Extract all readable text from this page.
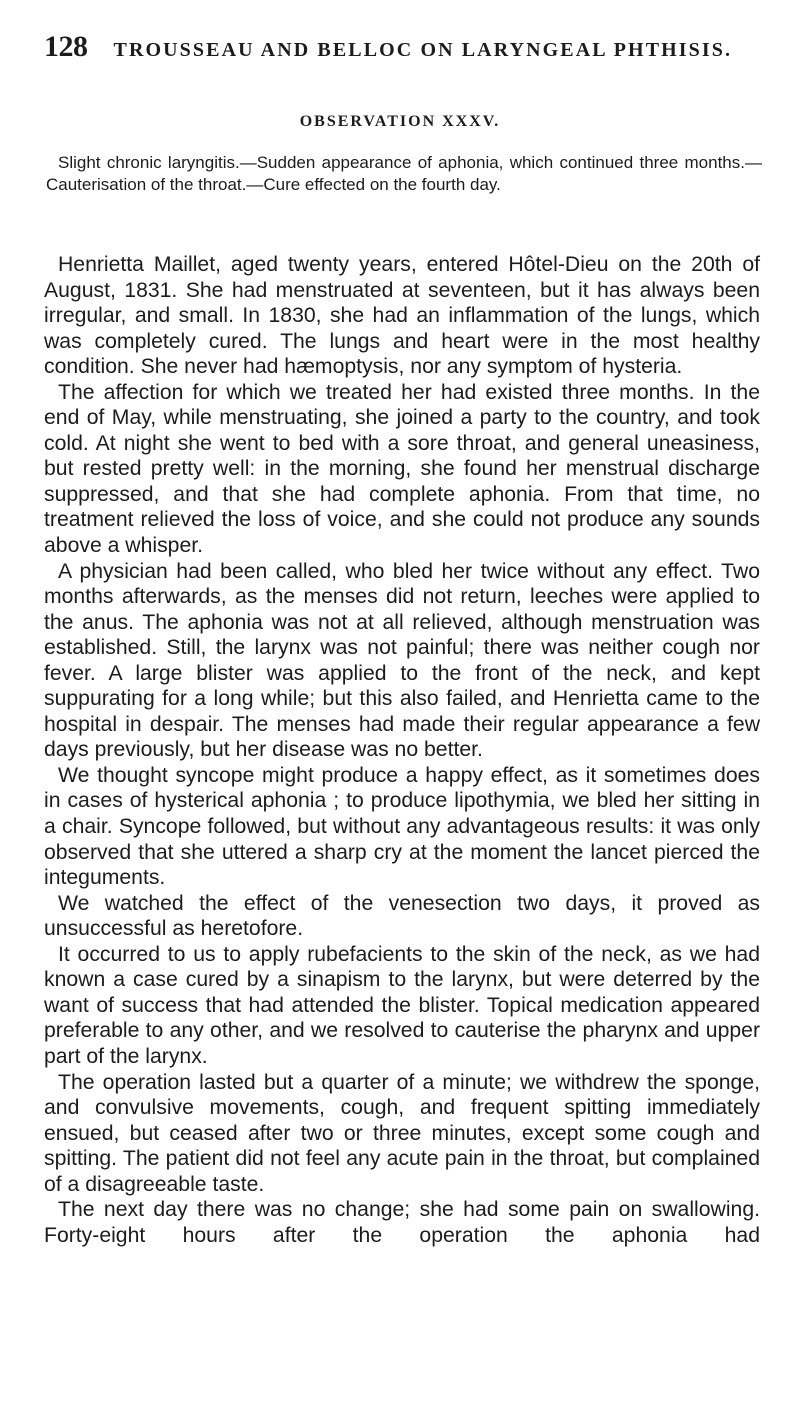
128 TROUSSEAU AND BELLOC ON LARYNGEAL PHTHISIS.
OBSERVATION XXXV.
Slight chronic laryngitis.—Sudden appearance of aphonia, which continued three months.—Cauterisation of the throat.—Cure effected on the fourth day.

Henrietta Maillet, aged twenty years, entered Hôtel-Dieu on the 20th of August, 1831. She had menstruated at seventeen, but it has always been irregular, and small. In 1830, she had an inflammation of the lungs, which was completely cured. The lungs and heart were in the most healthy condition. She never had hæmoptysis, nor any symptom of hysteria.

The affection for which we treated her had existed three months. In the end of May, while menstruating, she joined a party to the country, and took cold. At night she went to bed with a sore throat, and general uneasiness, but rested pretty well: in the morning, she found her menstrual discharge suppressed, and that she had complete aphonia. From that time, no treatment relieved the loss of voice, and she could not produce any sounds above a whisper.

A physician had been called, who bled her twice without any effect. Two months afterwards, as the menses did not return, leeches were applied to the anus. The aphonia was not at all relieved, although menstruation was established. Still, the larynx was not painful; there was neither cough nor fever. A large blister was applied to the front of the neck, and kept suppurating for a long while; but this also failed, and Henrietta came to the hospital in despair. The menses had made their regular appearance a few days previously, but her disease was no better.

We thought syncope might produce a happy effect, as it sometimes does in cases of hysterical aphonia ; to produce lipothymia, we bled her sitting in a chair. Syncope followed, but without any advantageous results: it was only observed that she uttered a sharp cry at the moment the lancet pierced the integuments.

We watched the effect of the venesection two days, it proved as unsuccessful as heretofore.

It occurred to us to apply rubefacients to the skin of the neck, as we had known a case cured by a sinapism to the larynx, but were deterred by the want of success that had attended the blister. Topical medication appeared preferable to any other, and we resolved to cauterise the pharynx and upper part of the larynx.

The operation lasted but a quarter of a minute; we withdrew the sponge, and convulsive movements, cough, and frequent spitting immediately ensued, but ceased after two or three minutes, except some cough and spitting. The patient did not feel any acute pain in the throat, but complained of a disagreeable taste.

The next day there was no change; she had some pain on swallowing. Forty-eight hours after the operation the aphonia had
